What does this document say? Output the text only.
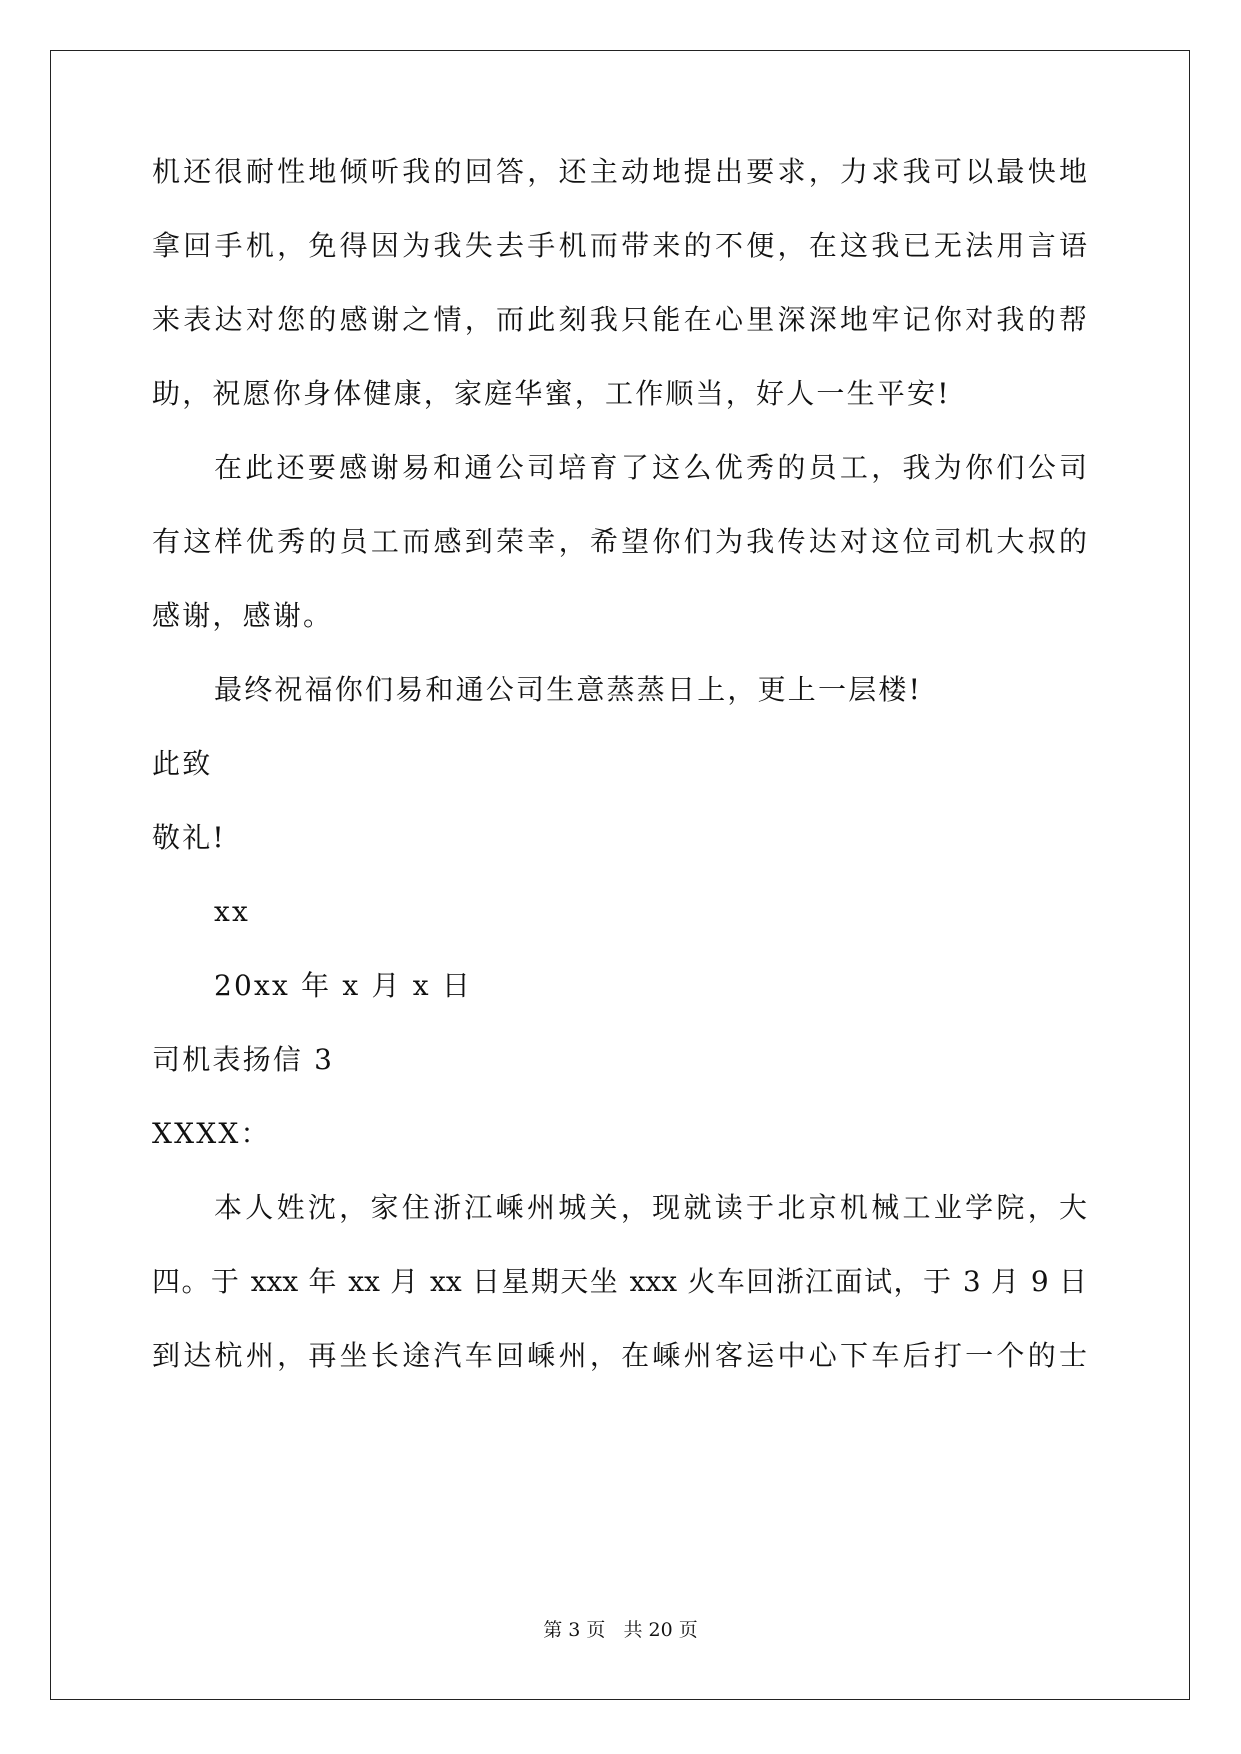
机还很耐性地倾听我的回答，还主动地提出要求，力求我可以最快地
拿回手机，免得因为我失去手机而带来的不便，在这我已无法用言语
来表达对您的感谢之情，而此刻我只能在心里深深地牢记你对我的帮
助，祝愿你身体健康，家庭华蜜，工作顺当，好人一生平安!
在此还要感谢易和通公司培育了这么优秀的员工，我为你们公司
有这样优秀的员工而感到荣幸，希望你们为我传达对这位司机大叔的
感谢，感谢。
最终祝福你们易和通公司生意蒸蒸日上，更上一层楼!
此致
敬礼!
xx
20xx 年 x 月 x 日
司机表扬信 3
XXXX：
本人姓沈，家住浙江嵊州城关，现就读于北京机械工业学院，大
四。于 xxx 年 xx 月 xx 日星期天坐 xxx 火车回浙江面试，于 3 月 9 日
到达杭州，再坐长途汽车回嵊州，在嵊州客运中心下车后打一个的士
第 3 页 共 20 页
